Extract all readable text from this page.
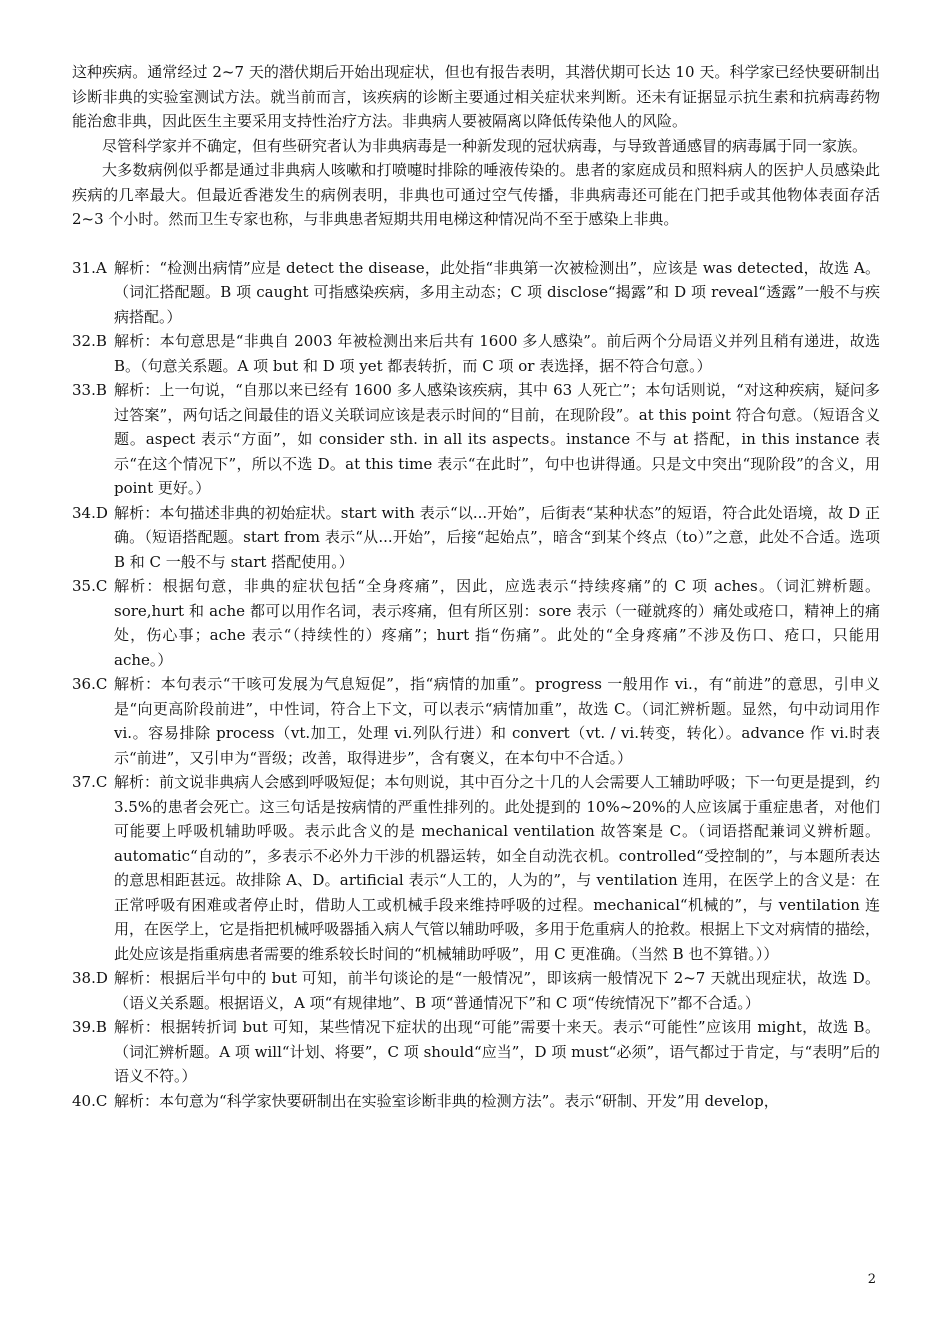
这种疾病。通常经过 2~7 天的潜伏期后开始出现症状，但也有报告表明，其潜伏期可长达 10 天。科学家已经快要研制出诊断非典的实验室测试方法。就当前而言，该疾病的诊断主要通过相关症状来判断。还未有证据显示抗生素和抗病毒药物能治愈非典，因此医生主要采用支持性治疗方法。非典病人要被隔离以降低传染他人的风险。

尽管科学家并不确定，但有些研究者认为非典病毒是一种新发现的冠状病毒，与导致普通感冒的病毒属于同一家族。

大多数病例似乎都是通过非典病人咳嗽和打喷嚏时排除的唾液传染的。患者的家庭成员和照料病人的医护人员感染此疾病的几率最大。但最近香港发生的病例表明，非典也可通过空气传播，非典病毒还可能在门把手或其他物体表面存活 2~3 个小时。然而卫生专家也称，与非典患者短期共用电梯这种情况尚不至于感染上非典。

31.A 解析：“检测出病情”应是 detect the disease，此处指“非典第一次被检测出”，应该是 was detected，故选 A。（词汇搭配题。B 项 caught 可指感染疾病，多用主动态；C 项 disclose“揭露”和 D 项 reveal“透露”一般不与疾病搭配。）

32.B 解析：本句意思是“非典自 2003 年被检测出来后共有 1600 多人感染”。前后两个分局语义并列且稍有递进，故选 B。（句意关系题。A 项 but 和 D 项 yet 都表转折，而 C 项 or 表选择，据不符合句意。）

33.B 解析：上一句说，“自那以来已经有 1600 多人感染该疾病，其中 63 人死亡”；本句话则说，“对这种疾病，疑问多过答案”，两句话之间最佳的语义关联词应该是表示时间的“目前，在现阶段”。at this point 符合句意。（短语含义题。aspect 表示“方面”，如 consider sth. in all its aspects。instance 不与 at 搭配，in this instance 表示“在这个情况下”，所以不选 D。at this time 表示“在此时”，句中也讲得通。只是文中突出“现阶段”的含义，用 point 更好。）

34.D 解析：本句描述非典的初始症状。start with 表示“以...开始”，后街表“某种状态”的短语，符合此处语境，故 D 正确。（短语搭配题。start from 表示“从...开始”，后接“起始点”，暗含“到某个终点（to）”之意，此处不合适。选项 B 和 C 一般不与 start 搭配使用。）

35.C 解析：根据句意，非典的症状包括“全身疼痛”，因此，应选表示“持续疼痛”的 C 项 aches。（词汇辨析题。sore,hurt 和 ache 都可以用作名词，表示疼痛，但有所区别：sore 表示（一碰就疼的）痛处或疮口，精神上的痛处，伤心事；ache 表示“（持续性的）疼痛”；hurt 指“伤痛”。此处的“全身疼痛”不涉及伤口、疮口，只能用 ache。）

36.C 解析：本句表示“干咳可发展为气息短促”，指“病情的加重”。progress 一般用作 vi.，有“前进”的意思，引申义是“向更高阶段前进”，中性词，符合上下文，可以表示“病情加重”，故选 C。（词汇辨析题。显然，句中动词用作 vi.。容易排除 process（vt.加工，处理 vi.列队行进）和 convert（vt. / vi.转变，转化）。advance 作 vi.时表示“前进”，又引申为“晋级；改善，取得进步”，含有褒义，在本句中不合适。）

37.C 解析：前文说非典病人会感到呼吸短促；本句则说，其中百分之十几的人会需要人工辅助呼吸；下一句更是提到，约 3.5%的患者会死亡。这三句话是按病情的严重性排列的。此处提到的 10%~20%的人应该属于重症患者，对他们可能要上呼吸机辅助呼吸。表示此含义的是 mechanical ventilation 故答案是 C。（词语搭配兼词义辨析题。automatic“自动的”，多表示不必外力干涉的机器运转，如全自动洗衣机。controlled“受控制的”，与本题所表达的意思相距甚远。故排除 A、D。artificial 表示“人工的，人为的”，与 ventilation 连用，在医学上的含义是：在正常呼吸有困难或者停止时，借助人工或机械手段来维持呼吸的过程。mechanical“机械的”，与 ventilation 连用，在医学上，它是指把机械呼吸器插入病人气管以辅助呼吸，多用于危重病人的抢救。根据上下文对病情的描绘，此处应该是指重病患者需要的维系较长时间的“机械辅助呼吸”，用 C 更准确。（当然 B 也不算错。））

38.D 解析：根据后半句中的 but 可知，前半句谈论的是“一般情况”，即该病一般情况下 2~7 天就出现症状，故选 D。（语义关系题。根据语义，A 项“有规律地”、B 项“普通情况下”和 C 项“传统情况下”都不合适。）

39.B 解析：根据转折词 but 可知，某些情况下症状的出现“可能”需要十来天。表示“可能性”应该用 might，故选 B。（词汇辨析题。A 项 will“计划、将要”，C 项 should“应当”，D 项 must“必须”，语气都过于肯定，与“表明”后的语义不符。）

40.C 解析：本句意为“科学家快要研制出在实验室诊断非典的检测方法”。表示“研制、开发”用 develop，

2
